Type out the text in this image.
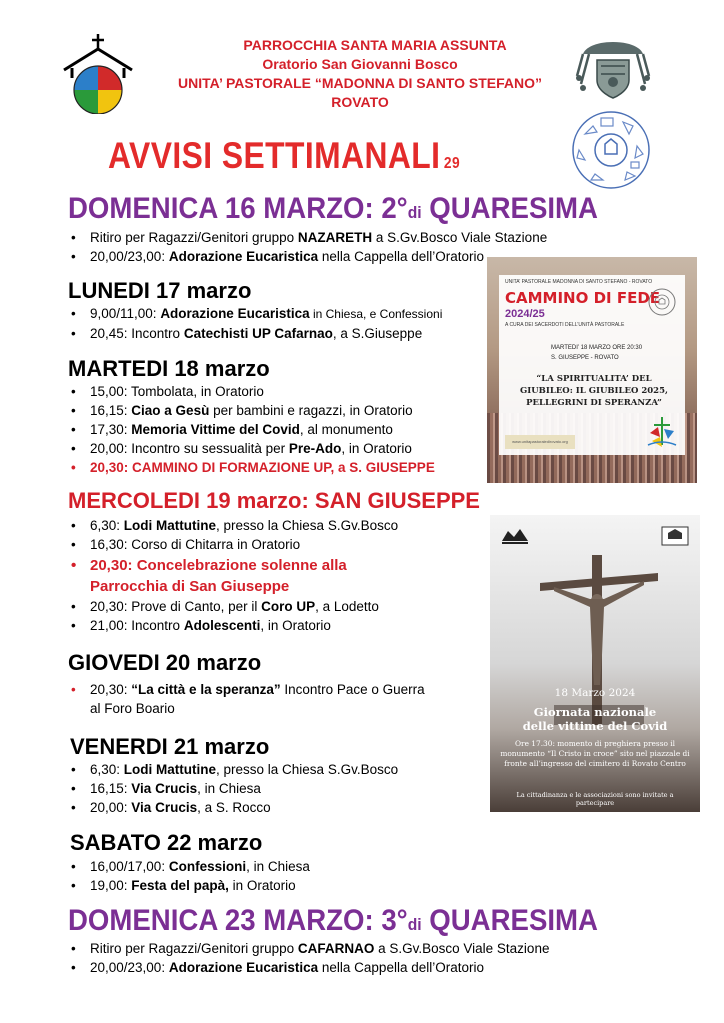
PARROCCHIA SANTA MARIA ASSUNTA
Oratorio San Giovanni Bosco
UNITA’ PASTORALE “MADONNA DI SANTO STEFANO”
ROVATO
AVVISI SETTIMANALI 29
DOMENICA 16 MARZO: 2°di QUARESIMA
• Ritiro per Ragazzi/Genitori gruppo NAZARETH a S.Gv.Bosco Viale Stazione
• 20,00/23,00: Adorazione Eucaristica nella Cappella dell’Oratorio
LUNEDI 17 marzo
• 9,00/11,00: Adorazione Eucaristica in Chiesa, e Confessioni
• 20,45: Incontro Catechisti UP Cafarnao, a S.Giuseppe
MARTEDI 18 marzo
• 15,00: Tombolata, in Oratorio
• 16,15: Ciao a Gesù per bambini e ragazzi, in Oratorio
• 17,30: Memoria Vittime del Covid, al monumento
• 20,00: Incontro su sessualità per Pre-Ado, in Oratorio
• 20,30: CAMMINO DI FORMAZIONE UP, a S. GIUSEPPE
MERCOLEDI 19 marzo: SAN GIUSEPPE
• 6,30: Lodi Mattutine, presso la Chiesa S.Gv.Bosco
• 16,30: Corso di Chitarra in Oratorio
• 20,30: Concelebrazione solenne alla
Parrocchia di San Giuseppe
• 20,30: Prove di Canto, per il Coro UP, a Lodetto
• 21,00: Incontro Adolescenti, in Oratorio
GIOVEDI 20 marzo
• 20,30: “La città e la speranza” Incontro Pace o Guerra
al Foro Boario
VENERDI 21 marzo
• 6,30: Lodi Mattutine, presso la Chiesa S.Gv.Bosco
• 16,15: Via Crucis, in Chiesa
• 20,00: Via Crucis, a S. Rocco
SABATO 22 marzo
• 16,00/17,00: Confessioni, in Chiesa
• 19,00: Festa del papà, in Oratorio
DOMENICA 23 MARZO: 3°di QUARESIMA
• Ritiro per Ragazzi/Genitori gruppo CAFARNAO a S.Gv.Bosco Viale Stazione
• 20,00/23,00: Adorazione Eucaristica nella Cappella dell’Oratorio
UNITA’ PASTORALE MADONNA DI SANTO STEFANO - ROVATO
CAMMINO DI FEDE
2024/25
A CURA DEI SACERDOTI DELL’UNITÀ PASTORALE
MARTEDI’ 18 MARZO ORE 20:30
S. GIUSEPPE - ROVATO
“LA SPIRITUALITA’ DEL GIUBILEO: IL GIUBILEO 2025, PELLEGRINI DI SPERANZA”
www.unitapastoraledirovato.org
18 Marzo 2024
Giornata nazionale
delle vittime del Covid
Ore 17.30: momento di preghiera presso il monumento “Il Cristo in croce” sito nel piazzale di fronte all’ingresso del cimitero di Rovato Centro
La cittadinanza e le associazioni sono invitate a partecipare
